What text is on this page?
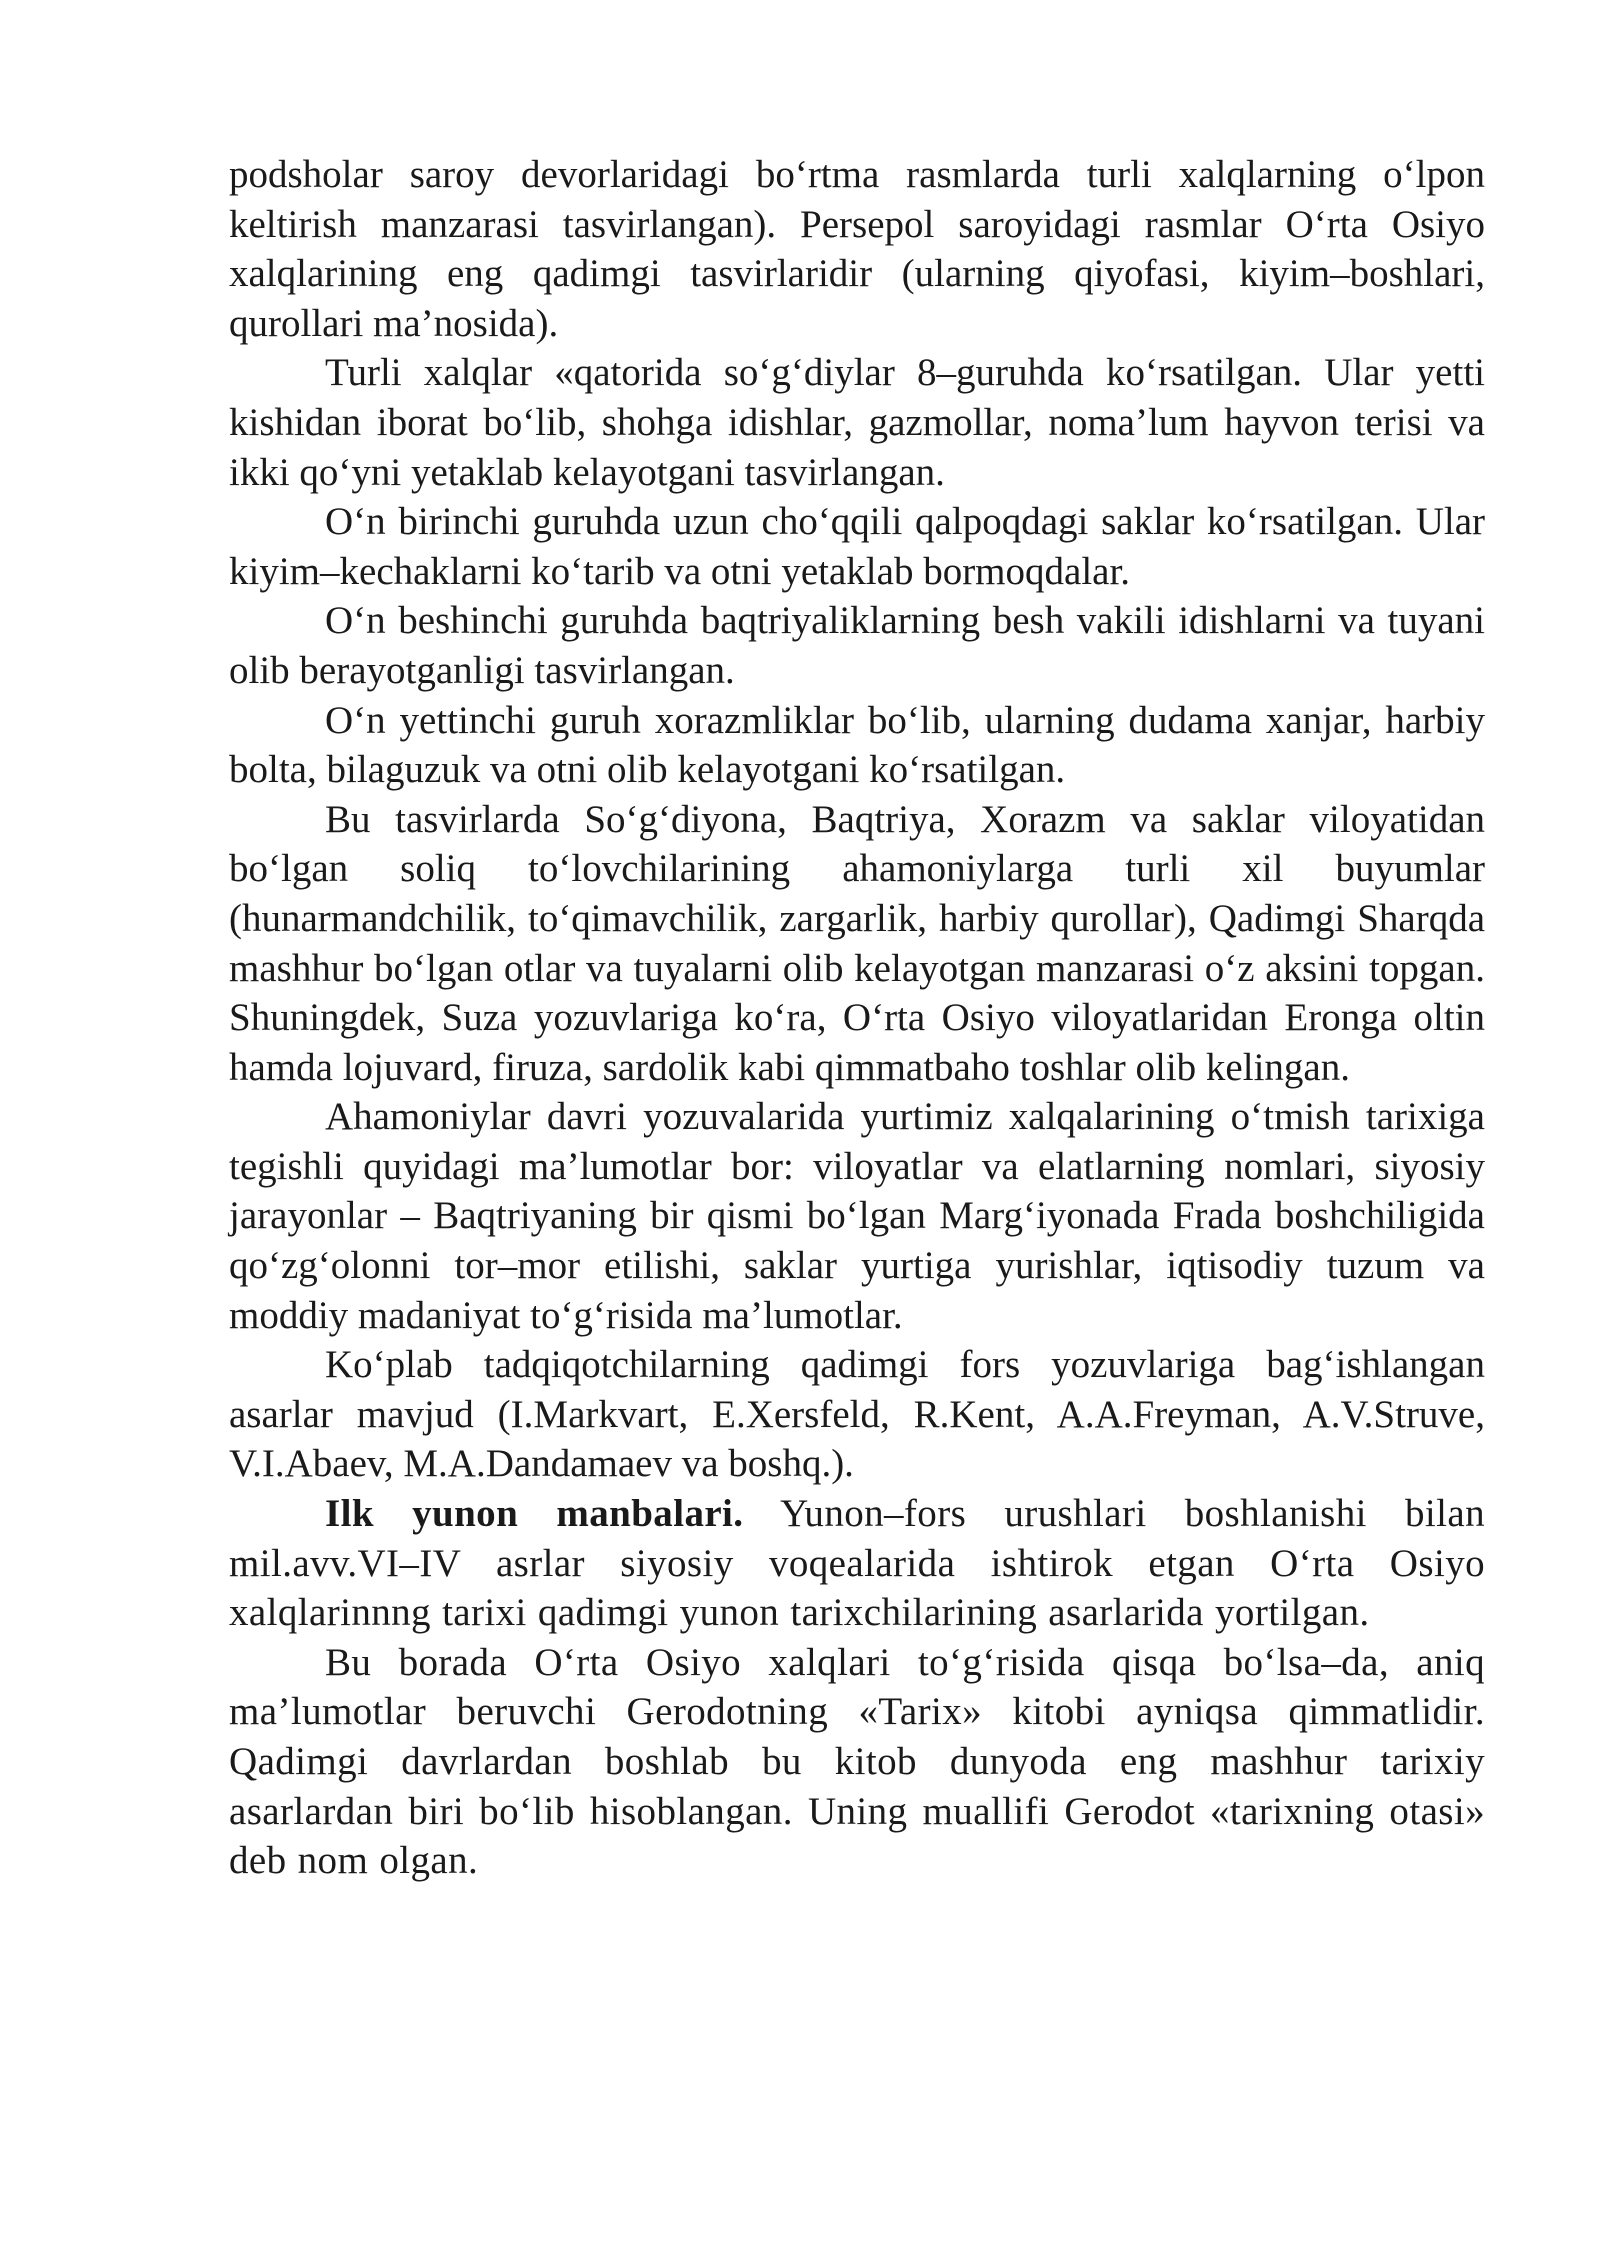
podsholar saroy devorlaridagi bo‘rtma rasmlarda turli xalqlarning o‘lpon keltirish manzarasi tasvirlangan). Persepol saroyidagi rasmlar O‘rta Osiyo xalqlarining eng qadimgi tasvirlaridir (ularning qiyofasi, kiyim–boshlari, qurollari ma’nosida).

Turli xalqlar «qatorida so‘g‘diylar 8–guruhda ko‘rsatilgan. Ular yetti kishidan iborat bo‘lib, shohga idishlar, gazmollar, noma’lum hayvon terisi va ikki qo‘yni yetaklab kelayotgani tasvirlangan.

O‘n birinchi guruhda uzun cho‘qqili qalpoqdagi saklar ko‘rsatilgan. Ular kiyim–kechaklarni ko‘tarib va otni yetaklab bormoqdalar.

O‘n beshinchi guruhda baqtriyaliklarning besh vakili idishlarni va tuyani olib berayotganligi tasvirlangan.

O‘n yettinchi guruh xorazmliklar bo‘lib, ularning dudama xanjar, harbiy bolta, bilaguzuk va otni olib kelayotgani ko‘rsatilgan.

Bu tasvirlarda So‘g‘diyona, Baqtriya, Xorazm va saklar viloyatidan bo‘lgan soliq to‘lovchilarining ahamoniylarga turli xil buyumlar (hunarmandchilik, to‘qimavchilik, zargarlik, harbiy qurollar), Qadimgi Sharqda mashhur bo‘lgan otlar va tuyalarni olib kelayotgan manzarasi o‘z aksini topgan. Shuningdek, Suza yozuvlariga ko‘ra, O‘rta Osiyo viloyatlaridan Eronga oltin hamda lojuvard, firuza, sardolik kabi qimmatbaho toshlar olib kelingan.

Ahamoniylar davri yozuvalarida yurtimiz xalqalarining o‘tmish tarixiga tegishli quyidagi ma’lumotlar bor: viloyatlar va elatlarning nomlari, siyosiy jarayonlar – Baqtriyaning bir qismi bo‘lgan Marg‘iyonada Frada boshchiligida qo‘zg‘olonni tor–mor etilishi, saklar yurtiga yurishlar, iqtisodiy tuzum va moddiy madaniyat to‘g‘risida ma’lumotlar.

Ko‘plab tadqiqotchilarning qadimgi fors yozuvlariga bag‘ishlangan asarlar mavjud (I.Markvart, E.Xersfeld, R.Kent, A.A.Freyman, A.V.Struve, V.I.Abaev, M.A.Dandamaev va boshq.).

Ilk yunon manbalari. Yunon–fors urushlari boshlanishi bilan mil.avv.VI–IV asrlar siyosiy voqealarida ishtirok etgan O‘rta Osiyo xalqlarinnng tarixi qadimgi yunon tarixchilarining asarlarida yortilgan.

Bu borada O‘rta Osiyo xalqlari to‘g‘risida qisqa bo‘lsa–da, aniq ma’lumotlar beruvchi Gerodotning «Tarix» kitobi ayniqsa qimmatlidir. Qadimgi davrlardan boshlab bu kitob dunyoda eng mashhur tarixiy asarlardan biri bo‘lib hisoblangan. Uning muallifi Gerodot «tarixning otasi» deb nom olgan.
